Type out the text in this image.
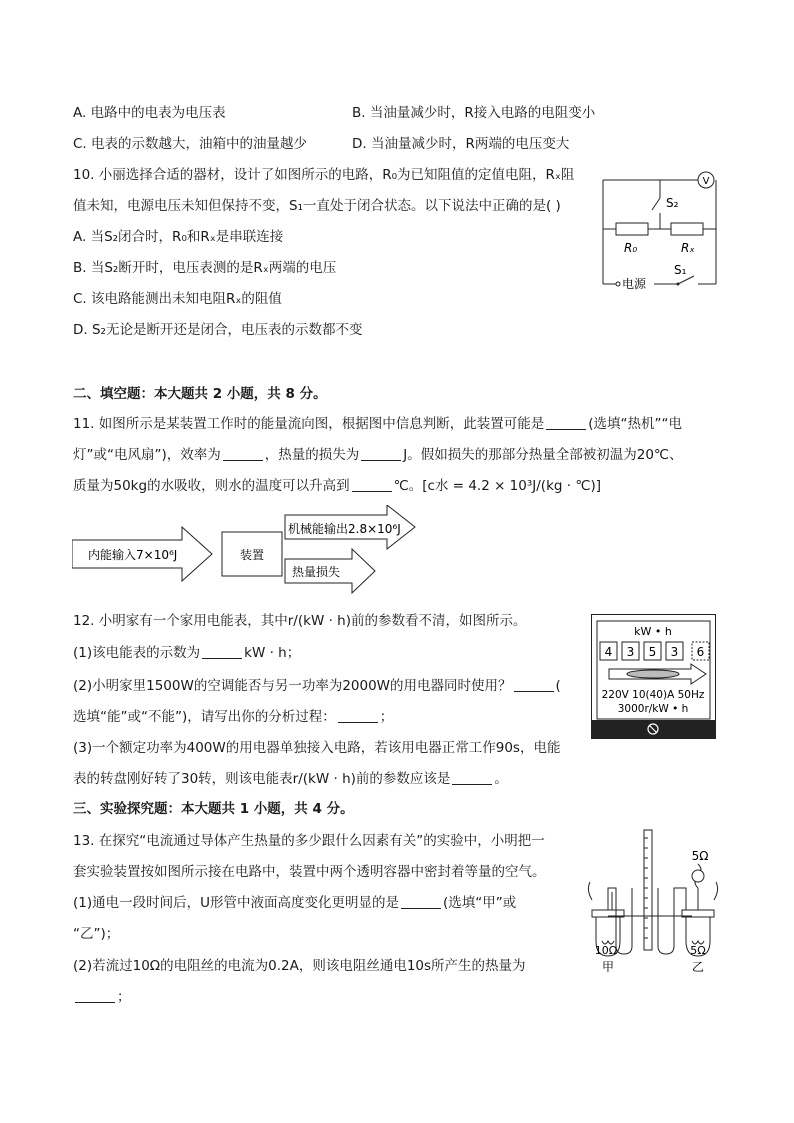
A. 电路中的电表为电压表	B. 当油量减少时，R接入电路的电阻变小
C. 电表的示数越大，油箱中的油量越少	D. 当油量减少时，R两端的电压变大
10. 小丽选择合适的器材，设计了如图所示的电路，R₀为已知阻值的定值电阻，Rₓ阻
值未知，电源电压未知但保持不变，S₁一直处于闭合状态。以下说法中正确的是( )
A. 当S₂闭合时，R₀和Rₓ是串联连接
B. 当S₂断开时，电压表测的是Rₓ两端的电压
C. 该电路能测出未知电阻Rₓ的阻值
D. S₂无论是断开还是闭合，电压表的示数都不变
V
S₂
R₀	Rₓ
电源
S₁
二、填空题：本大题共 2 小题，共 8 分。
11. 如图所示是某装置工作时的能量流向图，根据图中信息判断，此装置可能是	(选填“热机”“电
灯”或“电风扇”)，效率为	，热量的损失为	J。假如损失的那部分热量全部被初温为20℃、
质量为50kg的水吸收，则水的温度可以升高到	℃。[c水 = 4.2 × 10³J/(kg · ℃)]
内能输入7×10⁶J	装置
机械能输出2.8×10⁶J
热量损失
12. 小明家有一个家用电能表，其中r/(kW · h)前的参数看不清，如图所示。
(1)该电能表的示数为	kW · h；
(2)小明家里1500W的空调能否与另一功率为2000W的用电器同时使用？	(
选填“能”或“不能”)，请写出你的分析过程：	；
(3)一个额定功率为400W的用电器单独接入电路，若该用电器正常工作90s，电能
表的转盘刚好转了30转，则该电能表r/(kW · h)前的参数应该是	。
kW • h
4 3 5 3 6
220V 10(40)A 50Hz
3000r/kW • h
三、实验探究题：本大题共 1 小题，共 4 分。
13. 在探究“电流通过导体产生热量的多少跟什么因素有关”的实验中，小明把一
套实验装置按如图所示接在电路中，装置中两个透明容器中密封着等量的空气。
(1)通电一段时间后，U形管中液面高度变化更明显的是	(选填“甲”或
“乙”)；
(2)若流过10Ω的电阻丝的电流为0.2A，则该电阻丝通电10s所产生的热量为
；
5Ω
10Ω	5Ω
甲	乙
